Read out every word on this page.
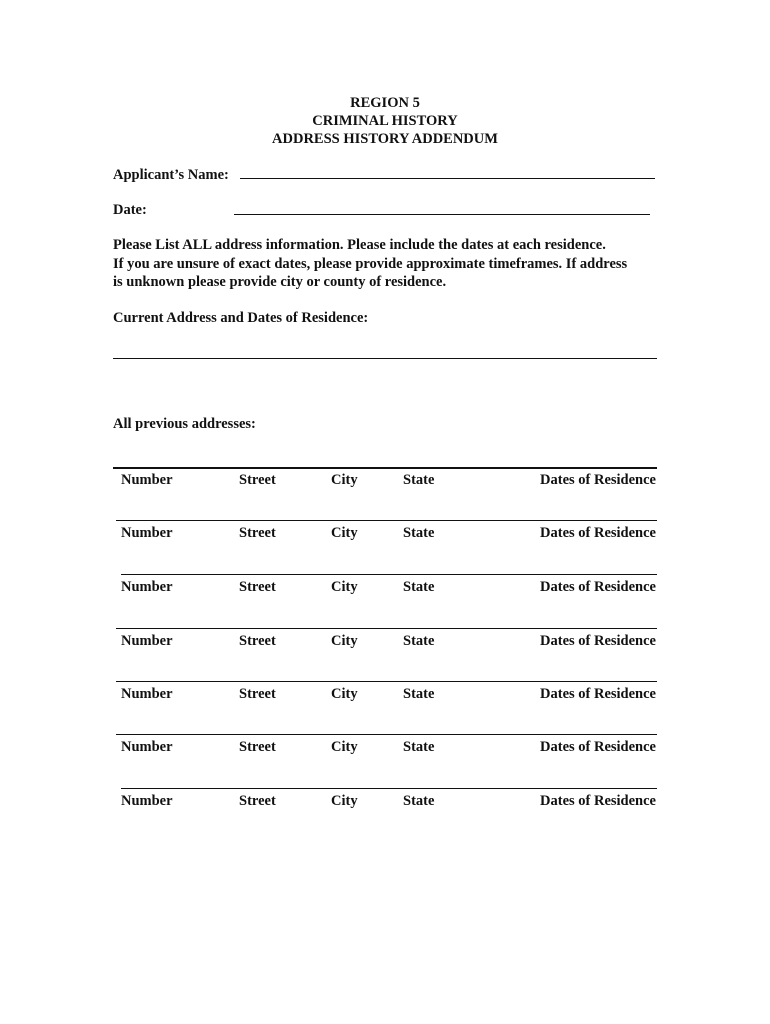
REGION 5
CRIMINAL HISTORY
ADDRESS HISTORY ADDENDUM
Applicant’s Name:
Date:
Please List ALL address information. Please include the dates at each residence.
If you are unsure of exact dates, please provide approximate timeframes. If address
is unknown please provide city or county of residence.
Current Address and Dates of Residence:
All previous addresses:
Number	Street	City	State	Dates of Residence
Number	Street	City	State	Dates of Residence
Number	Street	City	State	Dates of Residence
Number	Street	City	State	Dates of Residence
Number	Street	City	State	Dates of Residence
Number	Street	City	State	Dates of Residence
Number	Street	City	State	Dates of Residence
